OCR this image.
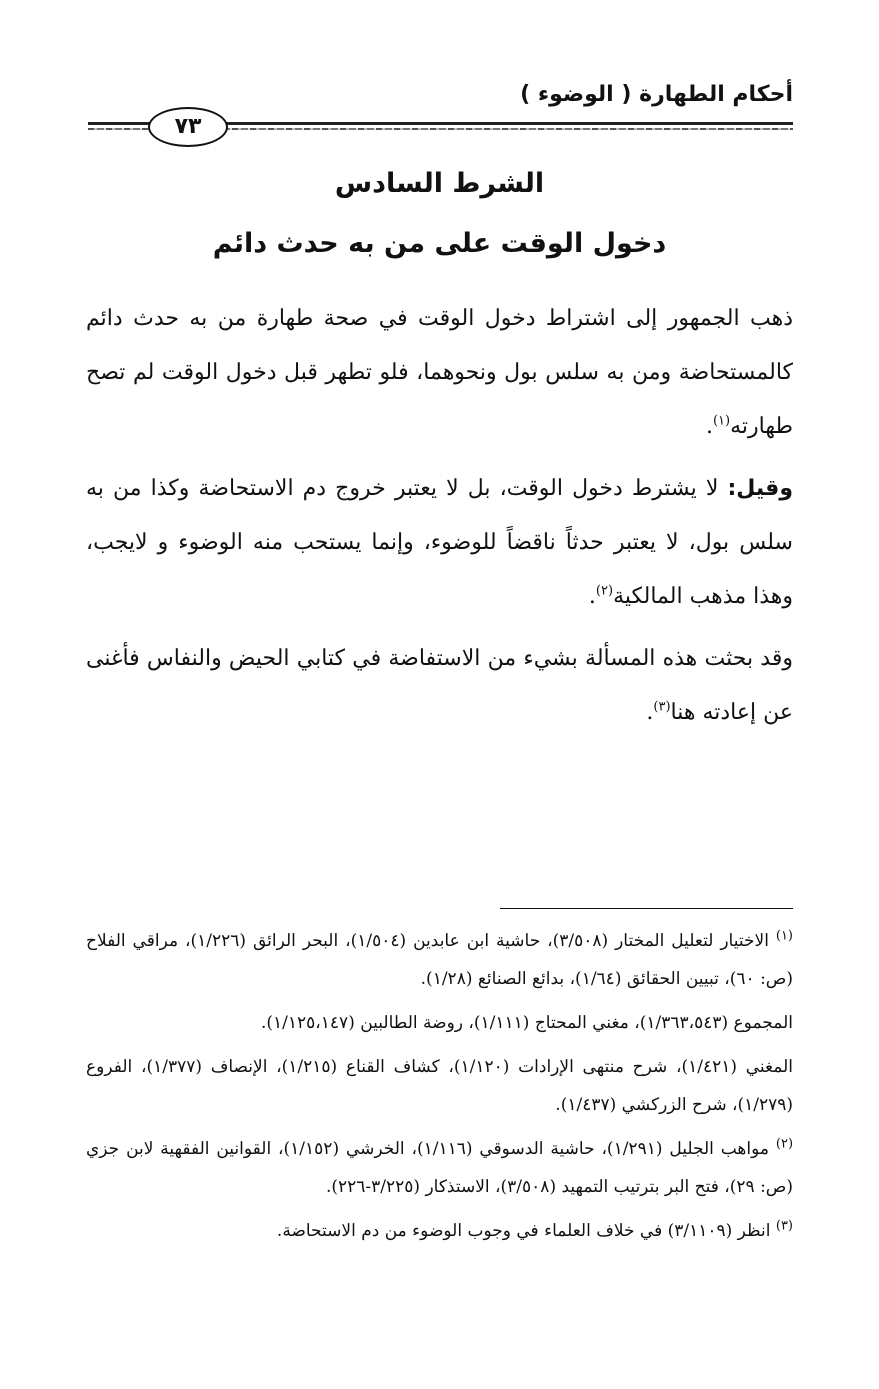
أحكام الطهارة ( الوضوء )
٧٣
الشرط السادس
دخول الوقت على من به حدث دائم

ذهب الجمهور إلى اشتراط دخول الوقت في صحة طهارة من به حدث دائم كالمستحاضة ومن به سلس بول ونحوهما، فلو تطهر قبل دخول الوقت لم تصح طهارته$^{(١)}$.

وقيل: لا يشترط دخول الوقت، بل لا يعتبر خروج دم الاستحاضة وكذا من به سلس بول، لا يعتبر حدثاً ناقضاً للوضوء، وإنما يستحب منه الوضوء و لايجب، وهذا مذهب المالكية$^{(٢)}$.

وقد بحثت هذه المسألة بشيء من الاستفاضة في كتابي الحيض والنفاس فأغنى عن إعادته هنا$^{(٣)}$.

$^{(١)}$ الاختيار لتعليل المختار (٣/٥٠٨)، حاشية ابن عابدين (١/٥٠٤)، البحر الرائق (١/٢٢٦)، مراقي الفلاح (ص: ٦٠)، تبيين الحقائق (١/٦٤)، بدائع الصنائع (١/٢٨).

المجموع (١/٣٦٣،٥٤٣)، مغني المحتاج (١/١١١)، روضة الطالبين (١/١٢٥،١٤٧).

المغني (١/٤٢١)، شرح منتهى الإرادات (١/١٢٠)، كشاف القناع (١/٢١٥)، الإنصاف (١/٣٧٧)، الفروع (١/٢٧٩)، شرح الزركشي (١/٤٣٧).

$^{(٢)}$ مواهب الجليل (١/٢٩١)، حاشية الدسوقي (١/١١٦)، الخرشي (١/١٥٢)، القوانين الفقهية لابن جزي (ص: ٢٩)، فتح البر بترتيب التمهيد (٣/٥٠٨)، الاستذكار (٣/٢٢٥-٢٢٦).

$^{(٣)}$ انظر (٣/١١٠٩) في خلاف العلماء في وجوب الوضوء من دم الاستحاضة.
